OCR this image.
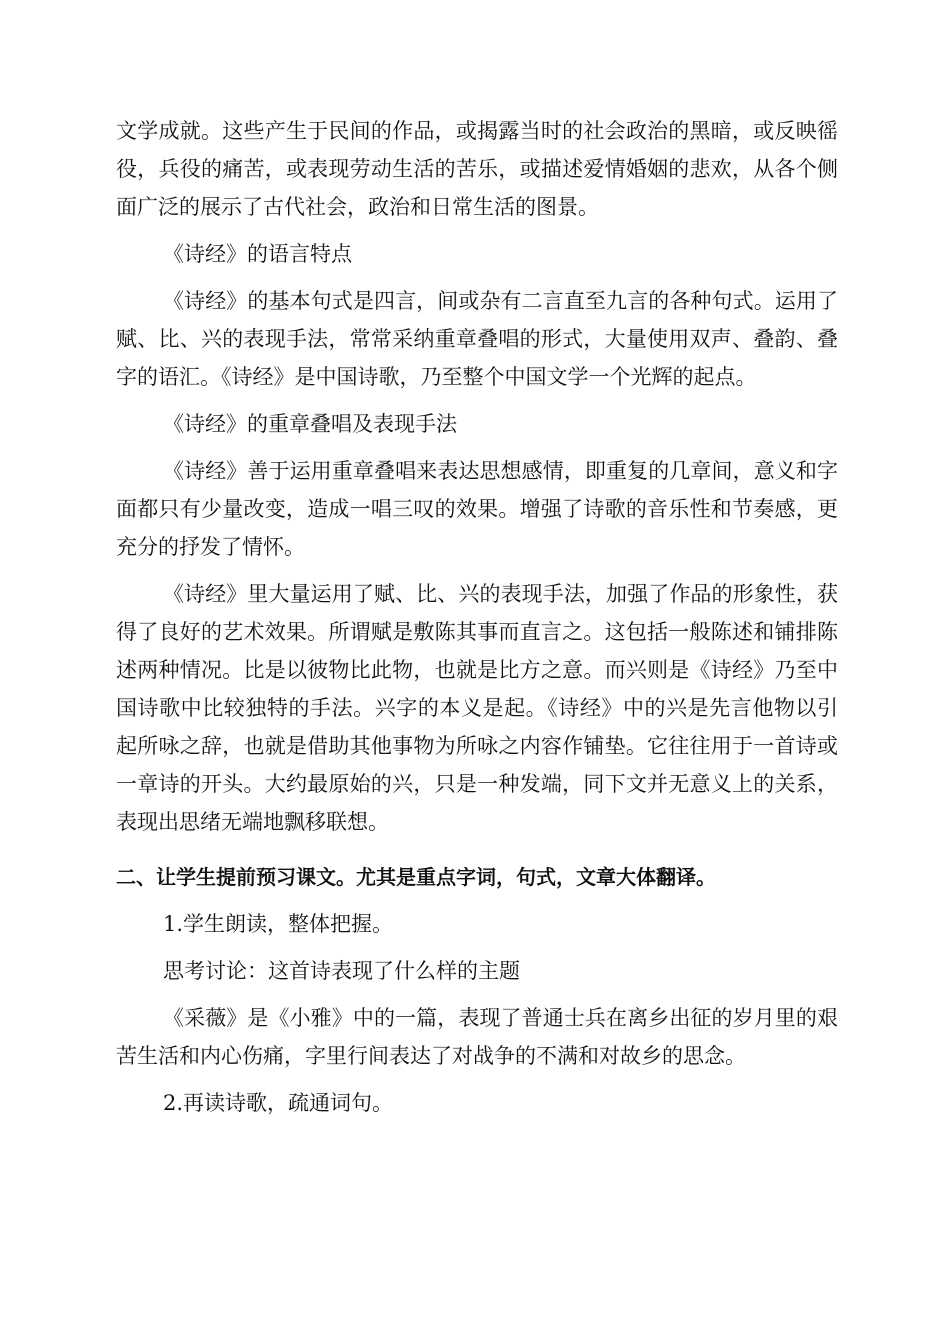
文学成就。这些产生于民间的作品，或揭露当时的社会政治的黑暗，或反映徭役，兵役的痛苦，或表现劳动生活的苦乐，或描述爱情婚姻的悲欢，从各个侧面广泛的展示了古代社会，政治和日常生活的图景。

《诗经》的语言特点

《诗经》的基本句式是四言，间或杂有二言直至九言的各种句式。运用了赋、比、兴的表现手法，常常采纳重章叠唱的形式，大量使用双声、叠韵、叠字的语汇。《诗经》是中国诗歌，乃至整个中国文学一个光辉的起点。

《诗经》的重章叠唱及表现手法

《诗经》善于运用重章叠唱来表达思想感情，即重复的几章间，意义和字面都只有少量改变，造成一唱三叹的效果。增强了诗歌的音乐性和节奏感，更充分的抒发了情怀。

《诗经》里大量运用了赋、比、兴的表现手法，加强了作品的形象性，获得了良好的艺术效果。所谓赋是敷陈其事而直言之。这包括一般陈述和铺排陈述两种情况。比是以彼物比此物，也就是比方之意。而兴则是《诗经》乃至中国诗歌中比较独特的手法。兴字的本义是起。《诗经》中的兴是先言他物以引起所咏之辞，也就是借助其他事物为所咏之内容作铺垫。它往往用于一首诗或一章诗的开头。大约最原始的兴，只是一种发端，同下文并无意义上的关系，表现出思绪无端地飘移联想。

二、让学生提前预习课文。尤其是重点字词，句式，文章大体翻译。

1.学生朗读，整体把握。

思考讨论：这首诗表现了什么样的主题

《采薇》是《小雅》中的一篇，表现了普通士兵在离乡出征的岁月里的艰苦生活和内心伤痛，字里行间表达了对战争的不满和对故乡的思念。

2.再读诗歌，疏通词句。
